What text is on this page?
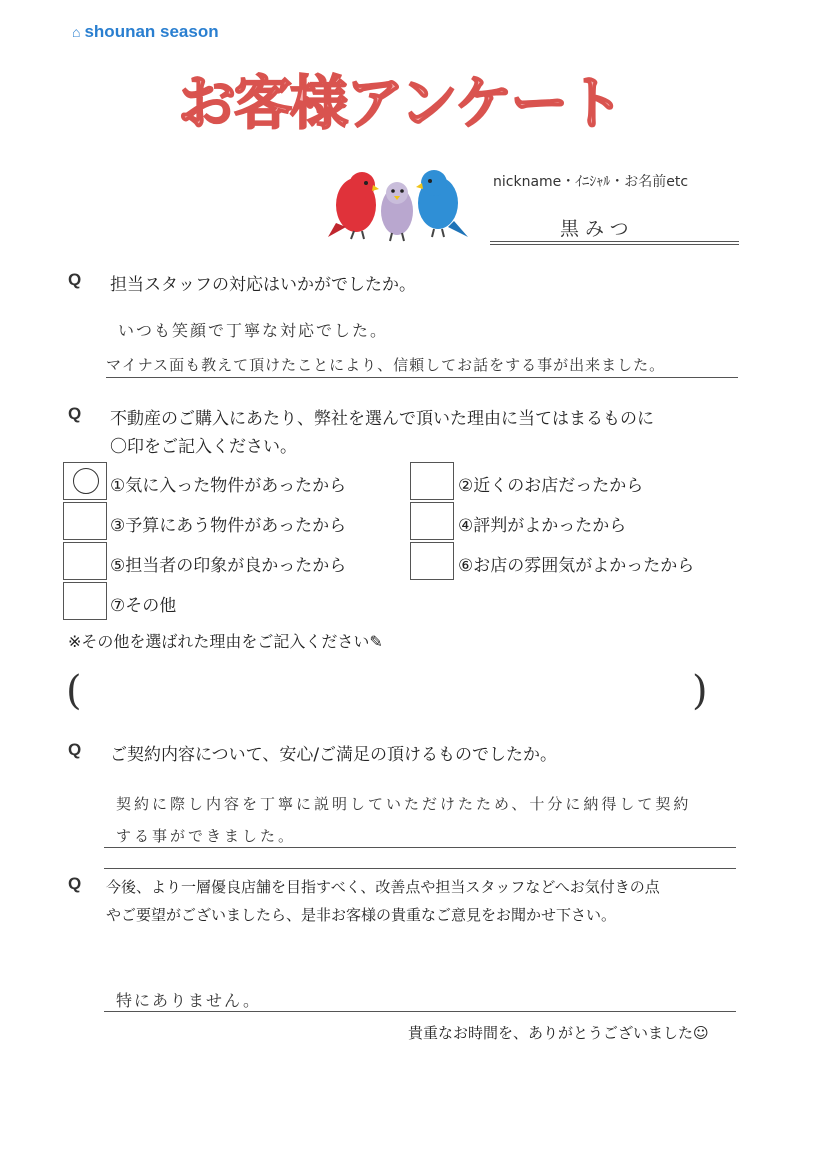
⌂ shounan season
お客様アンケート
nickname・ｲﾆｼｬﾙ・お名前etc
黒みつ
Q 担当スタッフの対応はいかがでしたか。
いつも笑顔で丁寧な対応でした。
マイナス面も教えて頂けたことにより、信頼してお話をする事が出来ました。
Q 不動産のご購入にあたり、弊社を選んで頂いた理由に当てはまるものに
〇印をご記入ください。
①気に入った物件があったから	②近くのお店だったから
③予算にあう物件があったから	④評判がよかったから
⑤担当者の印象が良かったから	⑥お店の雰囲気がよかったから
⑦その他
※その他を選ばれた理由をご記入ください✎
(	)
Q ご契約内容について、安心/ご満足の頂けるものでしたか。
契約に際し内容を丁寧に説明していただけたため、十分に納得して契約
する事ができました。
Q 今後、より一層優良店舗を目指すべく、改善点や担当スタッフなどへお気付きの点
やご要望がございましたら、是非お客様の貴重なご意見をお聞かせ下さい。
特にありません。
貴重なお時間を、ありがとうございました☺
